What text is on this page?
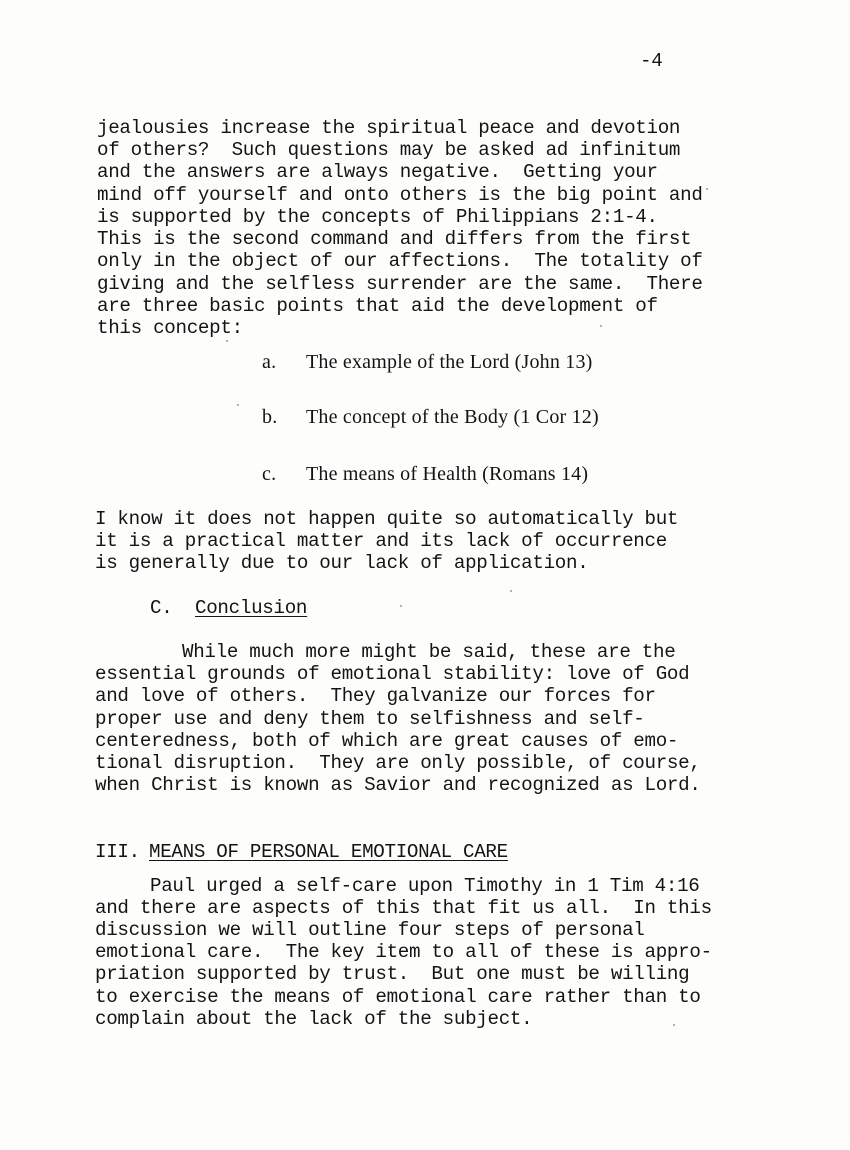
-4
jealousies increase the spiritual peace and devotion
of others?  Such questions may be asked ad infinitum
and the answers are always negative.  Getting your
mind off yourself and onto others is the big point and
is supported by the concepts of Philippians 2:1-4.
This is the second command and differs from the first
only in the object of our affections.  The totality of
giving and the selfless surrender are the same.  There
are three basic points that aid the development of
this concept:
a. The example of the Lord (John 13)
b. The concept of the Body (1 Cor 12)
c. The means of Health (Romans 14)
I know it does not happen quite so automatically but
it is a practical matter and its lack of occurrence
is generally due to our lack of application.
C. Conclusion
While much more might be said, these are the
essential grounds of emotional stability: love of God
and love of others.  They galvanize our forces for
proper use and deny them to selfishness and self-
centeredness, both of which are great causes of emo-
tional disruption.  They are only possible, of course,
when Christ is known as Savior and recognized as Lord.
III. MEANS OF PERSONAL EMOTIONAL CARE
Paul urged a self-care upon Timothy in 1 Tim 4:16
and there are aspects of this that fit us all.  In this
discussion we will outline four steps of personal
emotional care.  The key item to all of these is appro-
priation supported by trust.  But one must be willing
to exercise the means of emotional care rather than to
complain about the lack of the subject.
